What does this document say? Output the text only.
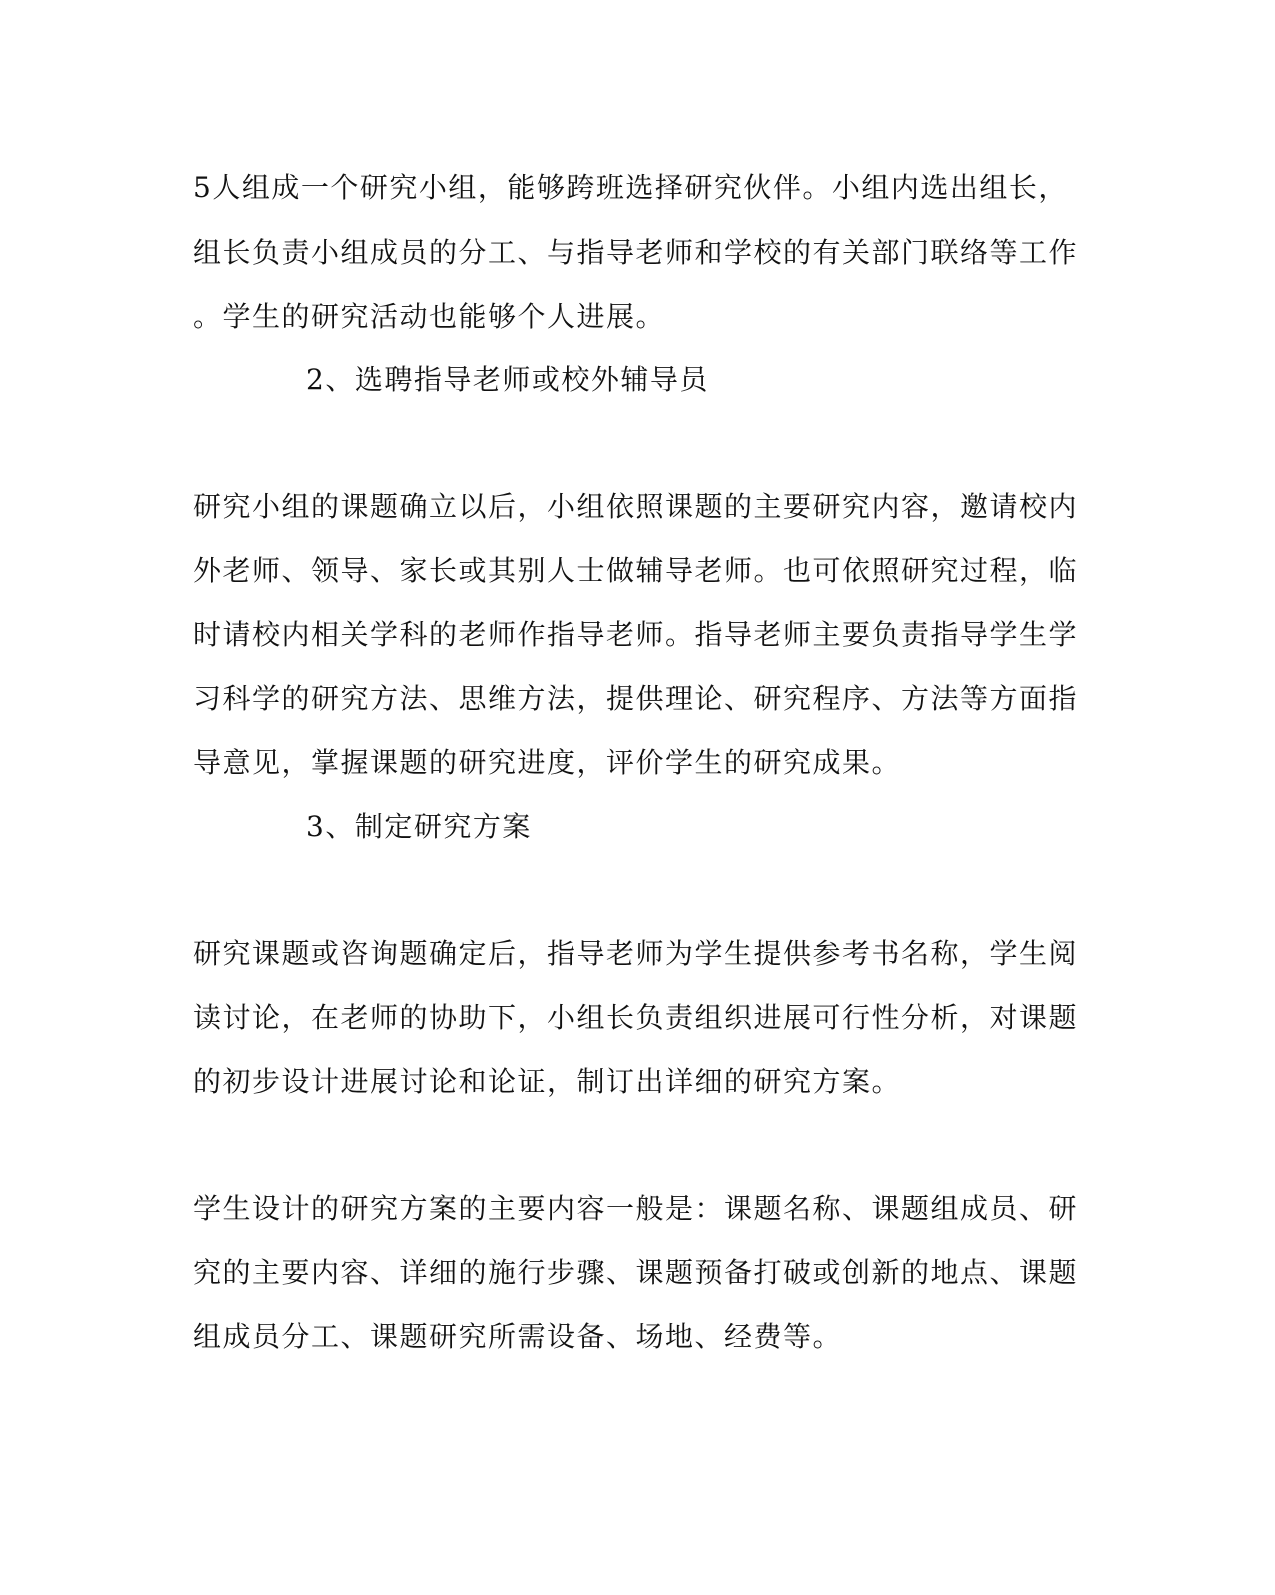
5人组成一个研究小组，能够跨班选择研究伙伴。小组内选出组长，
组长负责小组成员的分工、与指导老师和学校的有关部门联络等工作
。学生的研究活动也能够个人进展。
2、选聘指导老师或校外辅导员
研究小组的课题确立以后，小组依照课题的主要研究内容，邀请校内
外老师、领导、家长或其别人士做辅导老师。也可依照研究过程，临
时请校内相关学科的老师作指导老师。指导老师主要负责指导学生学
习科学的研究方法、思维方法，提供理论、研究程序、方法等方面指
导意见，掌握课题的研究进度，评价学生的研究成果。
3、制定研究方案
研究课题或咨询题确定后，指导老师为学生提供参考书名称，学生阅
读讨论，在老师的协助下，小组长负责组织进展可行性分析，对课题
的初步设计进展讨论和论证，制订出详细的研究方案。
学生设计的研究方案的主要内容一般是：课题名称、课题组成员、研
究的主要内容、详细的施行步骤、课题预备打破或创新的地点、课题
组成员分工、课题研究所需设备、场地、经费等。
